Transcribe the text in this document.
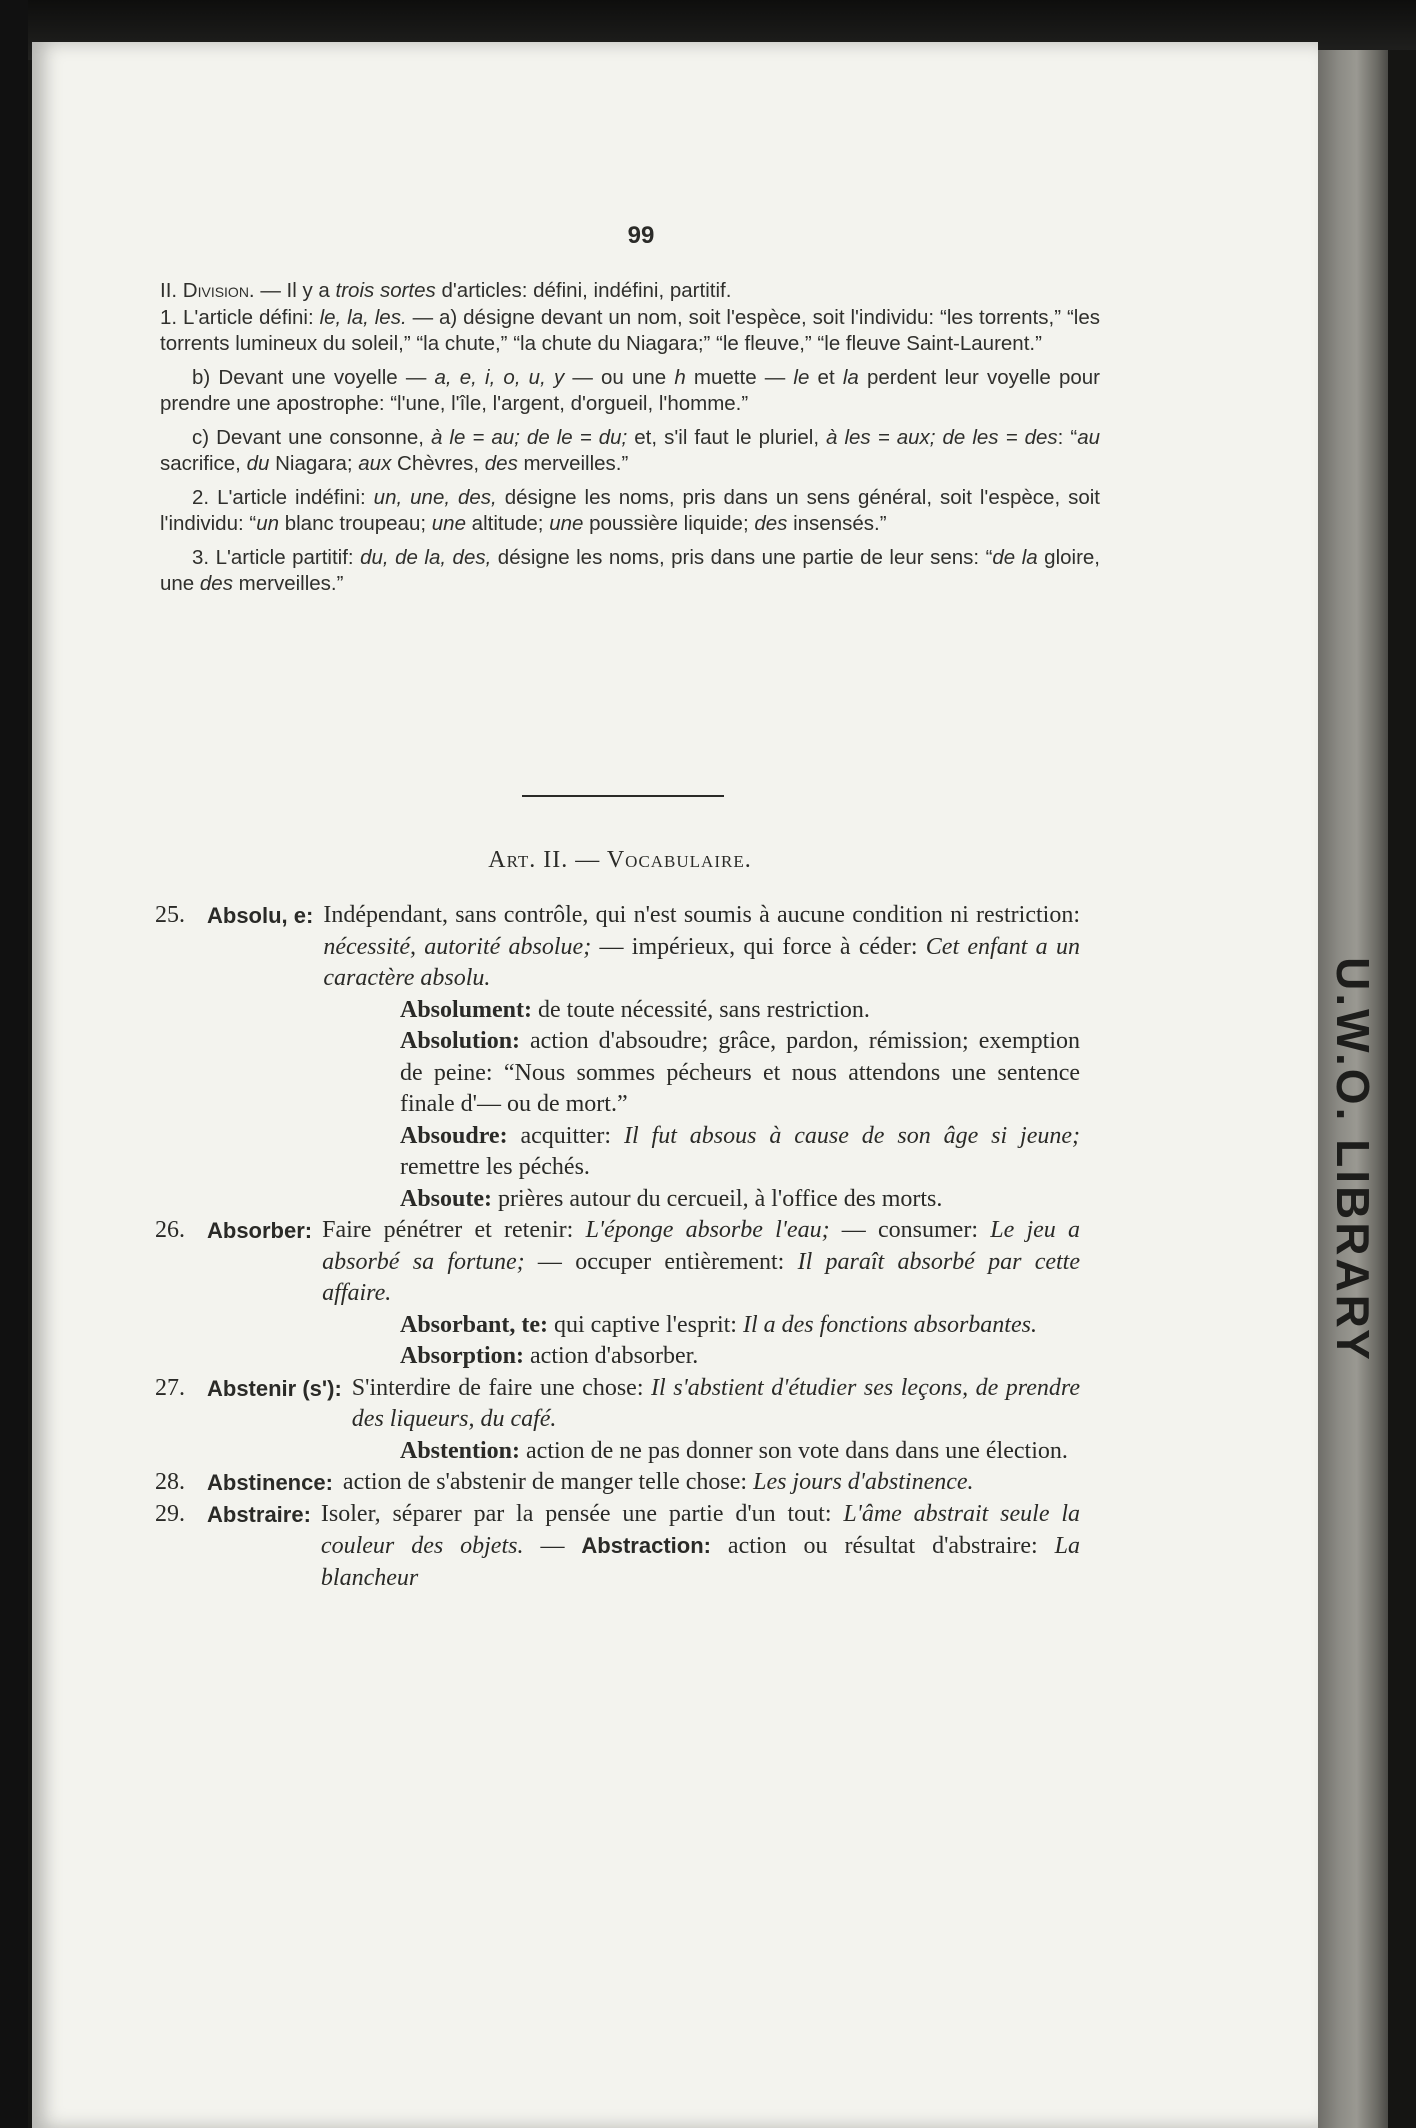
U.W.O. LIBRARY
99

II. Division. — Il y a trois sortes d'articles: défini, indéfini, partitif.
1. L'article défini: le, la, les. — a) désigne devant un nom, soit l'espèce, soit l'individu: “les torrents,” “les torrents lumineux du soleil,” “la chute,” “la chute du Niagara;” “le fleuve,” “le fleuve Saint-Laurent.”

b) Devant une voyelle — a, e, i, o, u, y — ou une h muette — le et la perdent leur voyelle pour prendre une apostrophe: “l'une, l'île, l'argent, d'orgueil, l'homme.”

c) Devant une consonne, à le = au; de le = du; et, s'il faut le pluriel, à les = aux; de les = des: “au sacrifice, du Niagara; aux Chèvres, des merveilles.”

2. L'article indéfini: un, une, des, désigne les noms, pris dans un sens général, soit l'espèce, soit l'individu: “un blanc troupeau; une altitude; une poussière liquide; des insensés.”

3. L'article partitif: du, de la, des, désigne les noms, pris dans une partie de leur sens: “de la gloire, une des merveilles.”

Art. II. — Vocabulaire.
25.	Absolu, e: Indépendant, sans contrôle, qui n'est soumis à aucune condition ni restriction: nécessité, autorité absolue; — impérieux, qui force à céder: Cet enfant a un caractère absolu.
Absolument: de toute nécessité, sans restriction.
Absolution: action d'absoudre; grâce, pardon, rémission; exemption de peine: “Nous sommes pécheurs et nous attendons une sentence finale d'— ou de mort.”
Absoudre: acquitter: Il fut absous à cause de son âge si jeune; remettre les péchés.
Absoute: prières autour du cercueil, à l'office des morts.
26.	Absorber: Faire pénétrer et retenir: L'éponge absorbe l'eau; — consumer: Le jeu a absorbé sa fortune; — occuper entièrement: Il paraît absorbé par cette affaire.
Absorbant, te: qui captive l'esprit: Il a des fonctions absorbantes.
Absorption: action d'absorber.
27.	Abstenir (s'): S'interdire de faire une chose: Il s'abstient d'étudier ses leçons, de prendre des liqueurs, du café.
Abstention: action de ne pas donner son vote dans dans une élection.
28.	Abstinence: action de s'abstenir de manger telle chose: Les jours d'abstinence.
29.	Abstraire: Isoler, séparer par la pensée une partie d'un tout: L'âme abstrait seule la couleur des objets. — Abstraction: action ou résultat d'abstraire: La blancheur
